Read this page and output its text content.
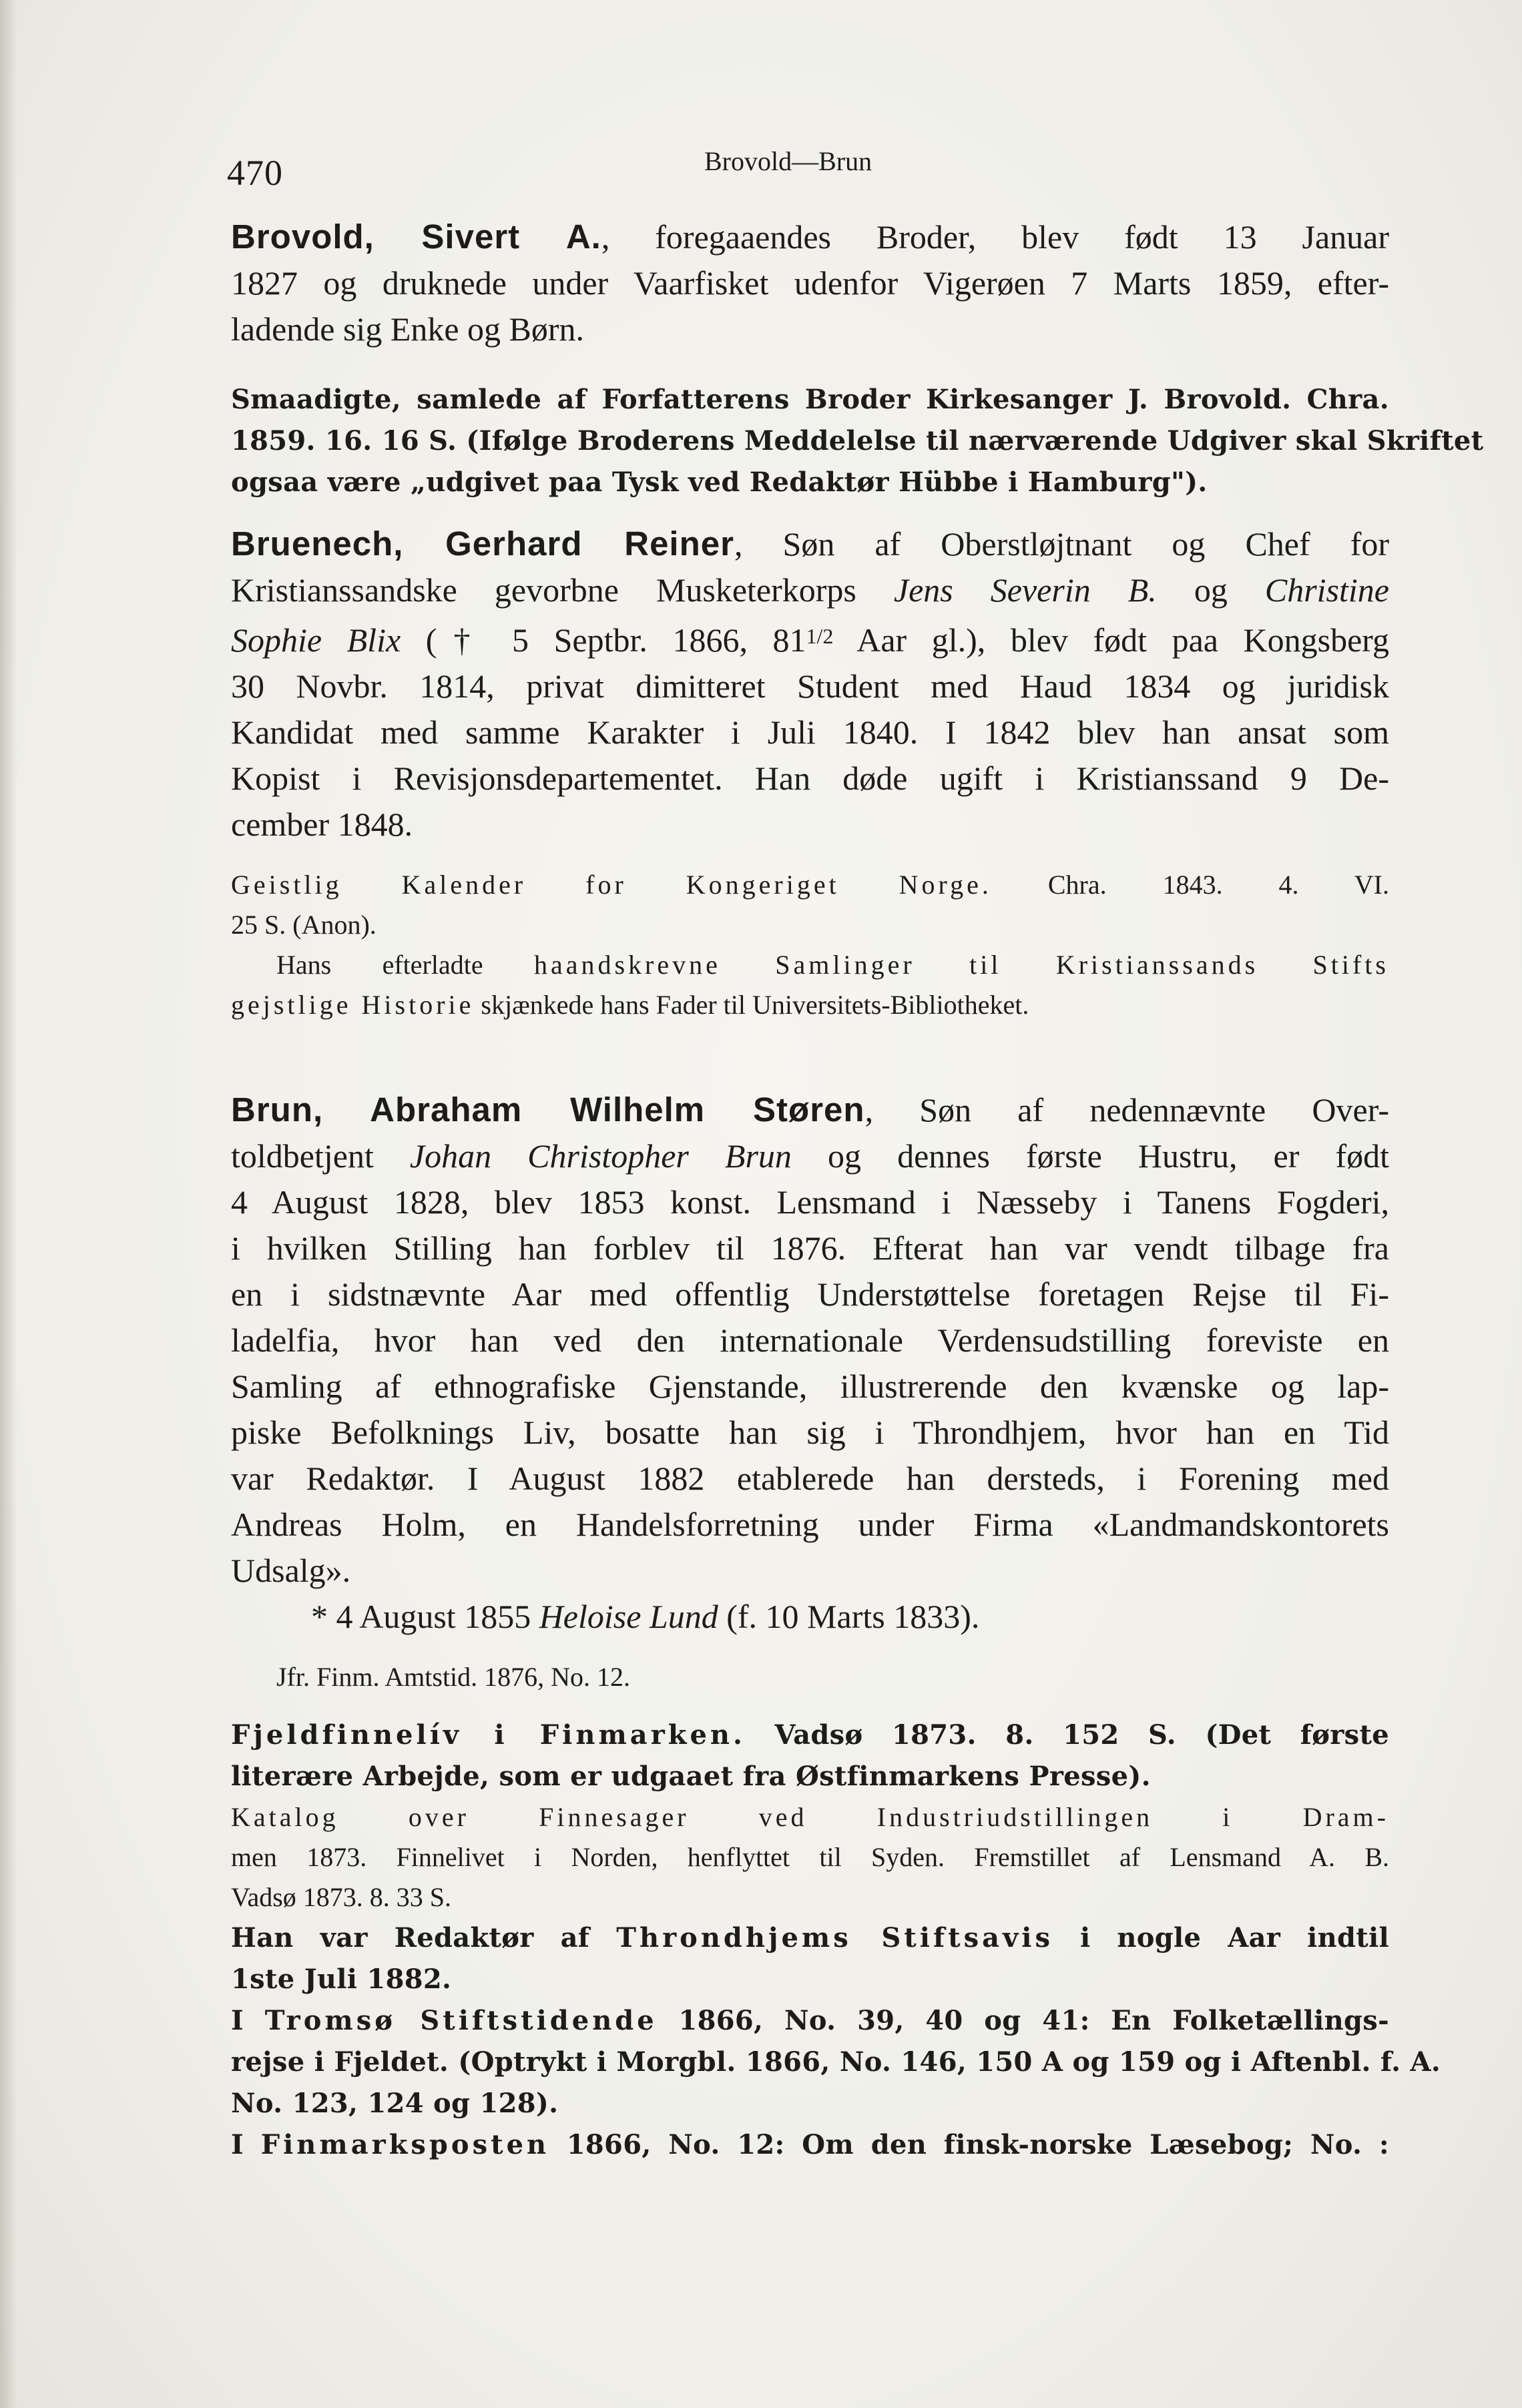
470	Brovold—Brun

Brovold, Sivert A., foregaaendes Broder, blev født 13 Januar

1827 og druknede under Vaarfisket udenfor Vigerøen 7 Marts 1859, efter-

ladende sig Enke og Børn.

Smaadigte, samlede af Forfatterens Broder Kirkesanger J. Brovold. Chra.

1859. 16. 16 S. (Ifølge Broderens Meddelelse til nærværende Udgiver skal Skriftet

ogsaa være „udgivet paa Tysk ved Redaktør Hübbe i Hamburg").

Bruenech, Gerhard Reiner, Søn af Oberstløjtnant og Chef for

Kristianssandske gevorbne Musketerkorps Jens Severin B. og Christine

Sophie Blix († 5 Septbr. 1866, $81^{1/2}$ Aar gl.), blev født paa Kongsberg

30 Novbr. 1814, privat dimitteret Student med Haud 1834 og juridisk

Kandidat med samme Karakter i Juli 1840. I 1842 blev han ansat som

Kopist i Revisjonsdepartementet. Han døde ugift i Kristianssand 9 De-

cember 1848.

Geistlig Kalender for Kongeriget Norge. Chra. 1843. 4. VI.

25 S. (Anon).

Hans efterladte haandskrevne Samlinger til Kristianssands Stifts

gejstlige Historie skjænkede hans Fader til Universitets-Bibliotheket.

Brun, Abraham Wilhelm Støren, Søn af nedennævnte Over-

toldbetjent Johan Christopher Brun og dennes første Hustru, er født

4 August 1828, blev 1853 konst. Lensmand i Næsseby i Tanens Fogderi,

i hvilken Stilling han forblev til 1876. Efterat han var vendt tilbage fra

en i sidstnævnte Aar med offentlig Understøttelse foretagen Rejse til Fi-

ladelfia, hvor han ved den internationale Verdensudstilling foreviste en

Samling af ethnografiske Gjenstande, illustrerende den kvænske og lap-

piske Befolknings Liv, bosatte han sig i Throndhjem, hvor han en Tid

var Redaktør. I August 1882 etablerede han dersteds, i Forening med

Andreas Holm, en Handelsforretning under Firma «Landmandskontorets

Udsalg».

* 4 August 1855 Heloise Lund (f. 10 Marts 1833).

Jfr. Finm. Amtstid. 1876, No. 12.

Fjeldfinnelív i Finmarken. Vadsø 1873. 8. 152 S. (Det første

literære Arbejde, som er udgaaet fra Østfinmarkens Presse).

Katalog over Finnesager ved Industriudstillingen i Dram-

men 1873. Finnelivet i Norden, henflyttet til Syden. Fremstillet af Lensmand A. B.

Vadsø 1873. 8. 33 S.

Han var Redaktør af Throndhjems Stiftsavis i nogle Aar indtil

1ste Juli 1882.

I Tromsø Stiftstidende 1866, No. 39, 40 og 41: En Folketællings-

rejse i Fjeldet. (Optrykt i Morgbl. 1866, No. 146, 150 A og 159 og i Aftenbl. f. A.

No. 123, 124 og 128).

I Finmarksposten 1866, No. 12: Om den finsk-norske Læsebog; No. :
